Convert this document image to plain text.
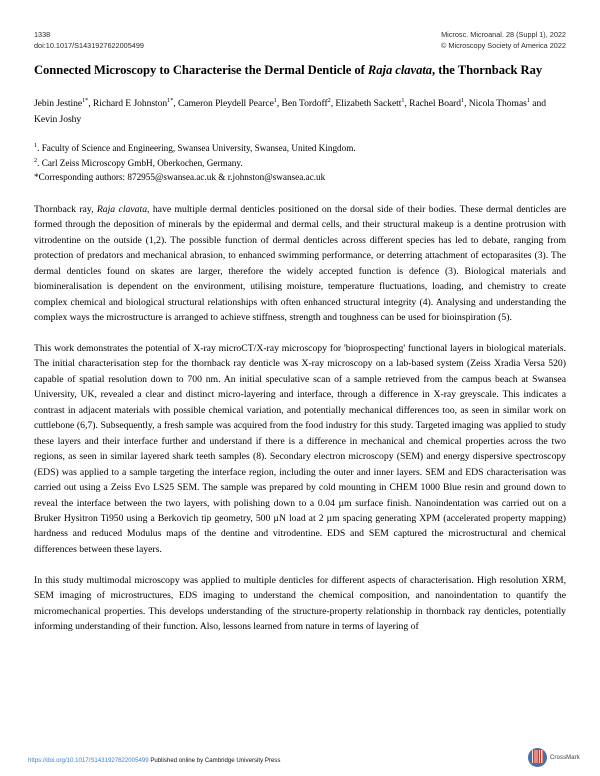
1338
doi:10.1017/S1431927622005499
Microsc. Microanal. 28 (Suppl 1), 2022
© Microscopy Society of America 2022
Connected Microscopy to Characterise the Dermal Denticle of Raja clavata, the Thornback Ray
Jebin Jestine$^{1*}$, Richard E Johnston$^{1*}$, Cameron Pleydell Pearce$^1$, Ben Tordoff$^2$, Elizabeth Sackett$^1$, Rachel Board$^1$, Nicola Thomas$^1$ and Kevin Joshy
$^1$. Faculty of Science and Engineering, Swansea University, Swansea, United Kingdom.
$^2$. Carl Zeiss Microscopy GmbH, Oberkochen, Germany.
*Corresponding authors: 872955@swansea.ac.uk & r.johnston@swansea.ac.uk

Thornback ray, Raja clavata, have multiple dermal denticles positioned on the dorsal side of their bodies. These dermal denticles are formed through the deposition of minerals by the epidermal and dermal cells, and their structural makeup is a dentine protrusion with vitrodentine on the outside (1,2). The possible function of dermal denticles across different species has led to debate, ranging from protection of predators and mechanical abrasion, to enhanced swimming performance, or deterring attachment of ectoparasites (3). The dermal denticles found on skates are larger, therefore the widely accepted function is defence (3). Biological materials and biomineralisation is dependent on the environment, utilising moisture, temperature fluctuations, loading, and chemistry to create complex chemical and biological structural relationships with often enhanced structural integrity (4). Analysing and understanding the complex ways the microstructure is arranged to achieve stiffness, strength and toughness can be used for bioinspiration (5).

This work demonstrates the potential of X-ray microCT/X-ray microscopy for 'bioprospecting' functional layers in biological materials. The initial characterisation step for the thornback ray denticle was X-ray microscopy on a lab-based system (Zeiss Xradia Versa 520) capable of spatial resolution down to 700 nm. An initial speculative scan of a sample retrieved from the campus beach at Swansea University, UK, revealed a clear and distinct micro-layering and interface, through a difference in X-ray greyscale. This indicates a contrast in adjacent materials with possible chemical variation, and potentially mechanical differences too, as seen in similar work on cuttlebone (6,7). Subsequently, a fresh sample was acquired from the food industry for this study. Targeted imaging was applied to study these layers and their interface further and understand if there is a difference in mechanical and chemical properties across the two regions, as seen in similar layered shark teeth samples (8). Secondary electron microscopy (SEM) and energy dispersive spectroscopy (EDS) was applied to a sample targeting the interface region, including the outer and inner layers. SEM and EDS characterisation was carried out using a Zeiss Evo LS25 SEM. The sample was prepared by cold mounting in CHEM 1000 Blue resin and ground down to reveal the interface between the two layers, with polishing down to a 0.04 µm surface finish. Nanoindentation was carried out on a Bruker Hysitron Ti950 using a Berkovich tip geometry, 500 µN load at 2 µm spacing generating XPM (accelerated property mapping) hardness and reduced Modulus maps of the dentine and vitrodentine. EDS and SEM captured the microstructural and chemical differences between these layers.

In this study multimodal microscopy was applied to multiple denticles for different aspects of characterisation. High resolution XRM, SEM imaging of microstructures, EDS imaging to understand the chemical composition, and nanoindentation to quantify the micromechanical properties. This develops understanding of the structure-property relationship in thornback ray denticles, potentially informing understanding of their function. Also, lessons learned from nature in terms of layering of

https://doi.org/10.1017/S1431927622005499 Published online by Cambridge University Press	CrossMark
